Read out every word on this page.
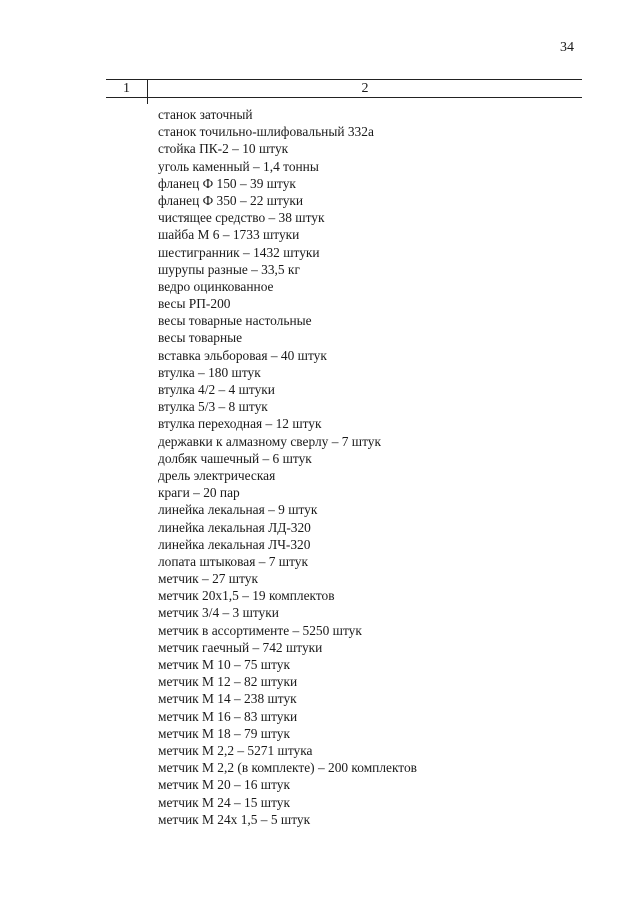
34
1	2
станок заточный
станок точильно-шлифовальный 332а
стойка ПК-2 – 10 штук
уголь каменный – 1,4 тонны
фланец Ф 150 – 39 штук
фланец Ф 350 – 22 штуки
чистящее средство – 38 штук
шайба М 6 – 1733 штуки
шестигранник – 1432 штуки
шурупы разные – 33,5 кг
ведро оцинкованное
весы РП-200
весы товарные настольные
весы товарные
вставка эльборовая – 40 штук
втулка – 180 штук
втулка 4/2 – 4 штуки
втулка 5/3 – 8 штук
втулка переходная – 12 штук
державки к алмазному сверлу – 7 штук
долбяк чашечный – 6 штук
дрель электрическая
краги – 20 пар
линейка лекальная – 9 штук
линейка лекальная ЛД-320
линейка лекальная ЛЧ-320
лопата штыковая – 7 штук
метчик – 27 штук
метчик 20х1,5 – 19 комплектов
метчик 3/4 – 3 штуки
метчик в ассортименте – 5250 штук
метчик гаечный – 742 штуки
метчик М 10 – 75 штук
метчик М 12 – 82 штуки
метчик М 14 – 238 штук
метчик М 16 – 83 штуки
метчик М 18 – 79 штук
метчик М 2,2 – 5271 штука
метчик М 2,2 (в комплекте) – 200 комплектов
метчик М 20 – 16 штук
метчик М 24 – 15 штук
метчик М 24х 1,5 – 5 штук
